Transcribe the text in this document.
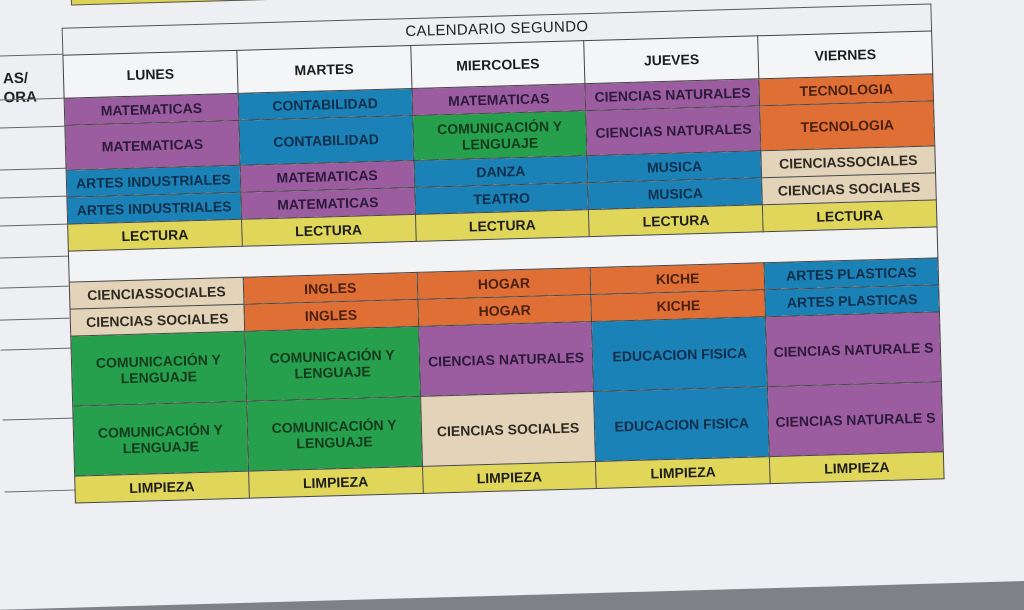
AS/
ORA
CALENDARIO SEGUNDO
LUNES	MARTES	MIERCOLES	JUEVES	VIERNES
MATEMATICAS	CONTABILIDAD	MATEMATICAS	CIENCIAS NATURALES	TECNOLOGIA
MATEMATICAS	CONTABILIDAD	COMUNICACIÓN Y LENGUAJE	CIENCIAS NATURALES	TECNOLOGIA
ARTES INDUSTRIALES	MATEMATICAS	DANZA	MUSICA	CIENCIASSOCIALES
ARTES INDUSTRIALES	MATEMATICAS	TEATRO	MUSICA	CIENCIAS SOCIALES
LECTURA	LECTURA	LECTURA	LECTURA	LECTURA

CIENCIASSOCIALES	INGLES	HOGAR	KICHE	ARTES PLASTICAS
CIENCIAS SOCIALES	INGLES	HOGAR	KICHE	ARTES PLASTICAS
COMUNICACIÓN Y LENGUAJE	COMUNICACIÓN Y LENGUAJE	CIENCIAS NATURALES	EDUCACION FISICA	CIENCIAS NATURALE S
COMUNICACIÓN Y LENGUAJE	COMUNICACIÓN Y LENGUAJE	CIENCIAS SOCIALES	EDUCACION FISICA	CIENCIAS NATURALE S
LIMPIEZA	LIMPIEZA	LIMPIEZA	LIMPIEZA	LIMPIEZA
